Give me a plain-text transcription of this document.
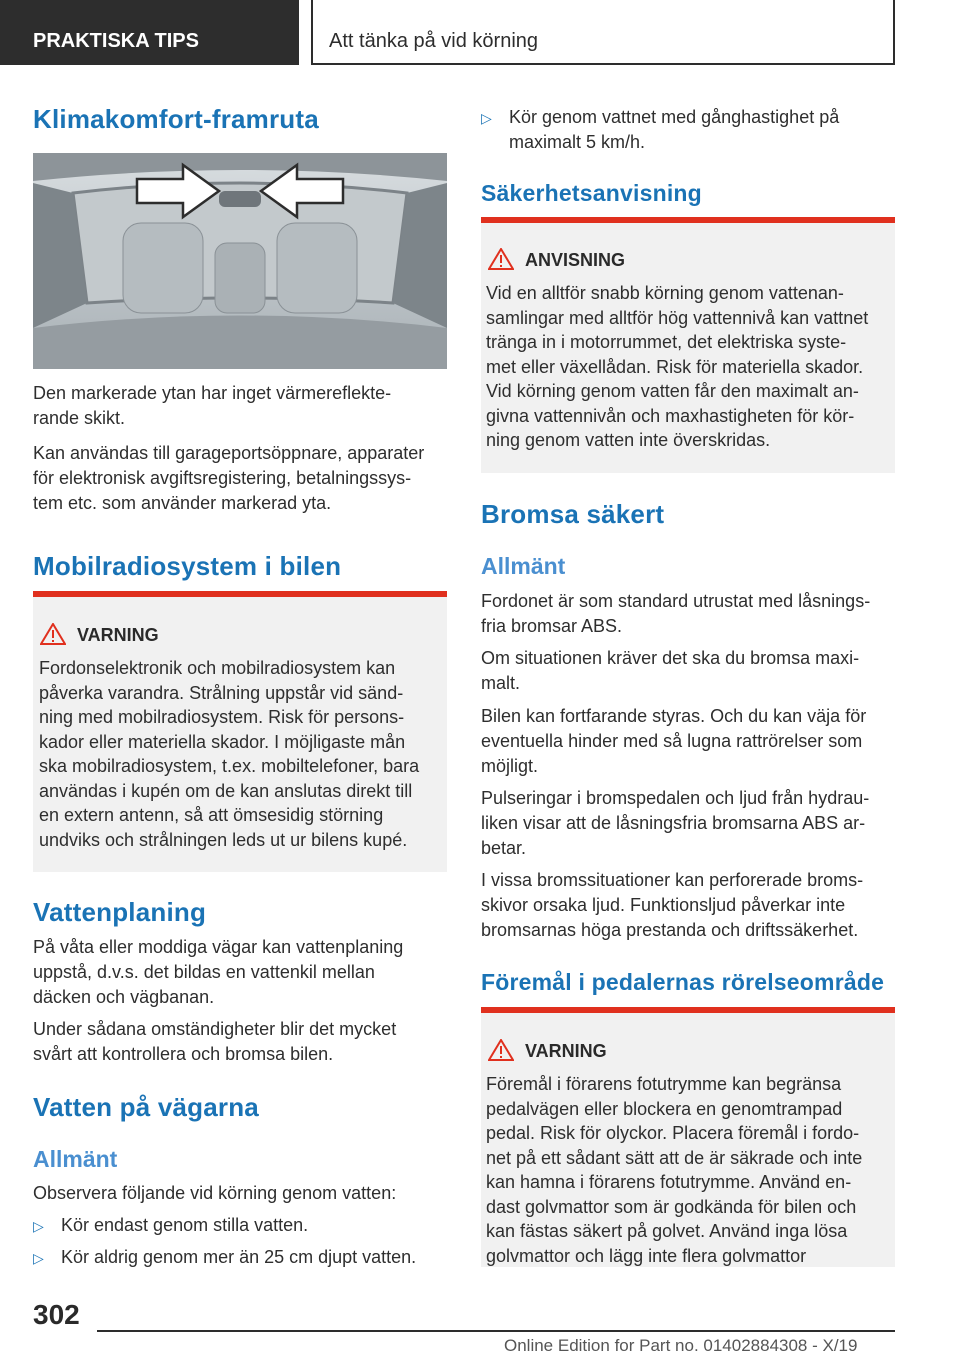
PRAKTISKA TIPS	Att tänka på vid körning
Klimakomfort-framruta

Den markerade ytan har inget värmereflekte-
rande skikt.

Kan användas till garageportsöppnare, apparater
för elektronisk avgiftsregistering, betalningssys-
tem etc. som använder markerad yta.

Mobilradiosystem i bilen
VARNING
Fordonselektronik och mobilradiosystem kan
påverka varandra. Strålning uppstår vid sänd-
ning med mobilradiosystem. Risk för persons-
kador eller materiella skador. I möjligaste mån
ska mobilradiosystem, t.ex. mobiltelefoner, bara
användas i kupén om de kan anslutas direkt till
en extern antenn, så att ömsesidig störning
undviks och strålningen leds ut ur bilens kupé.
Vattenplaning

På våta eller moddiga vägar kan vattenplaning
uppstå, d.v.s. det bildas en vattenkil mellan
däcken och vägbanan.

Under sådana omständigheter blir det mycket
svårt att kontrollera och bromsa bilen.

Vatten på vägarna
Allmänt

Observera följande vid körning genom vatten:

▷ Kör endast genom stilla vatten.

▷ Kör aldrig genom mer än 25 cm djupt vatten.

▷ Kör genom vattnet med gånghastighet på
maximalt 5 km/h.

Säkerhetsanvisning
ANVISNING
Vid en alltför snabb körning genom vattenan-
samlingar med alltför hög vattennivå kan vattnet
tränga in i motorrummet, det elektriska syste-
met eller växellådan. Risk för materiella skador.
Vid körning genom vatten får den maximalt an-
givna vattennivån och maxhastigheten för kör-
ning genom vatten inte överskridas.
Bromsa säkert
Allmänt

Fordonet är som standard utrustat med låsnings-
fria bromsar ABS.

Om situationen kräver det ska du bromsa maxi-
malt.

Bilen kan fortfarande styras. Och du kan väja för
eventuella hinder med så lugna rattrörelser som
möjligt.

Pulseringar i bromspedalen och ljud från hydrau-
liken visar att de låsningsfria bromsarna ABS ar-
betar.

I vissa bromssituationer kan perforerade broms-
skivor orsaka ljud. Funktionsljud påverkar inte
bromsarnas höga prestanda och driftssäkerhet.

Föremål i pedalernas rörelseområde
VARNING
Föremål i förarens fotutrymme kan begränsa
pedalvägen eller blockera en genomtrampad
pedal. Risk för olyckor. Placera föremål i fordo-
net på ett sådant sätt att de är säkrade och inte
kan hamna i förarens fotutrymme. Använd en-
dast golvmattor som är godkända för bilen och
kan fästas säkert på golvet. Använd inga lösa
golvmattor och lägg inte flera golvmattor
302
Online Edition for Part no. 01402884308 - X/19
